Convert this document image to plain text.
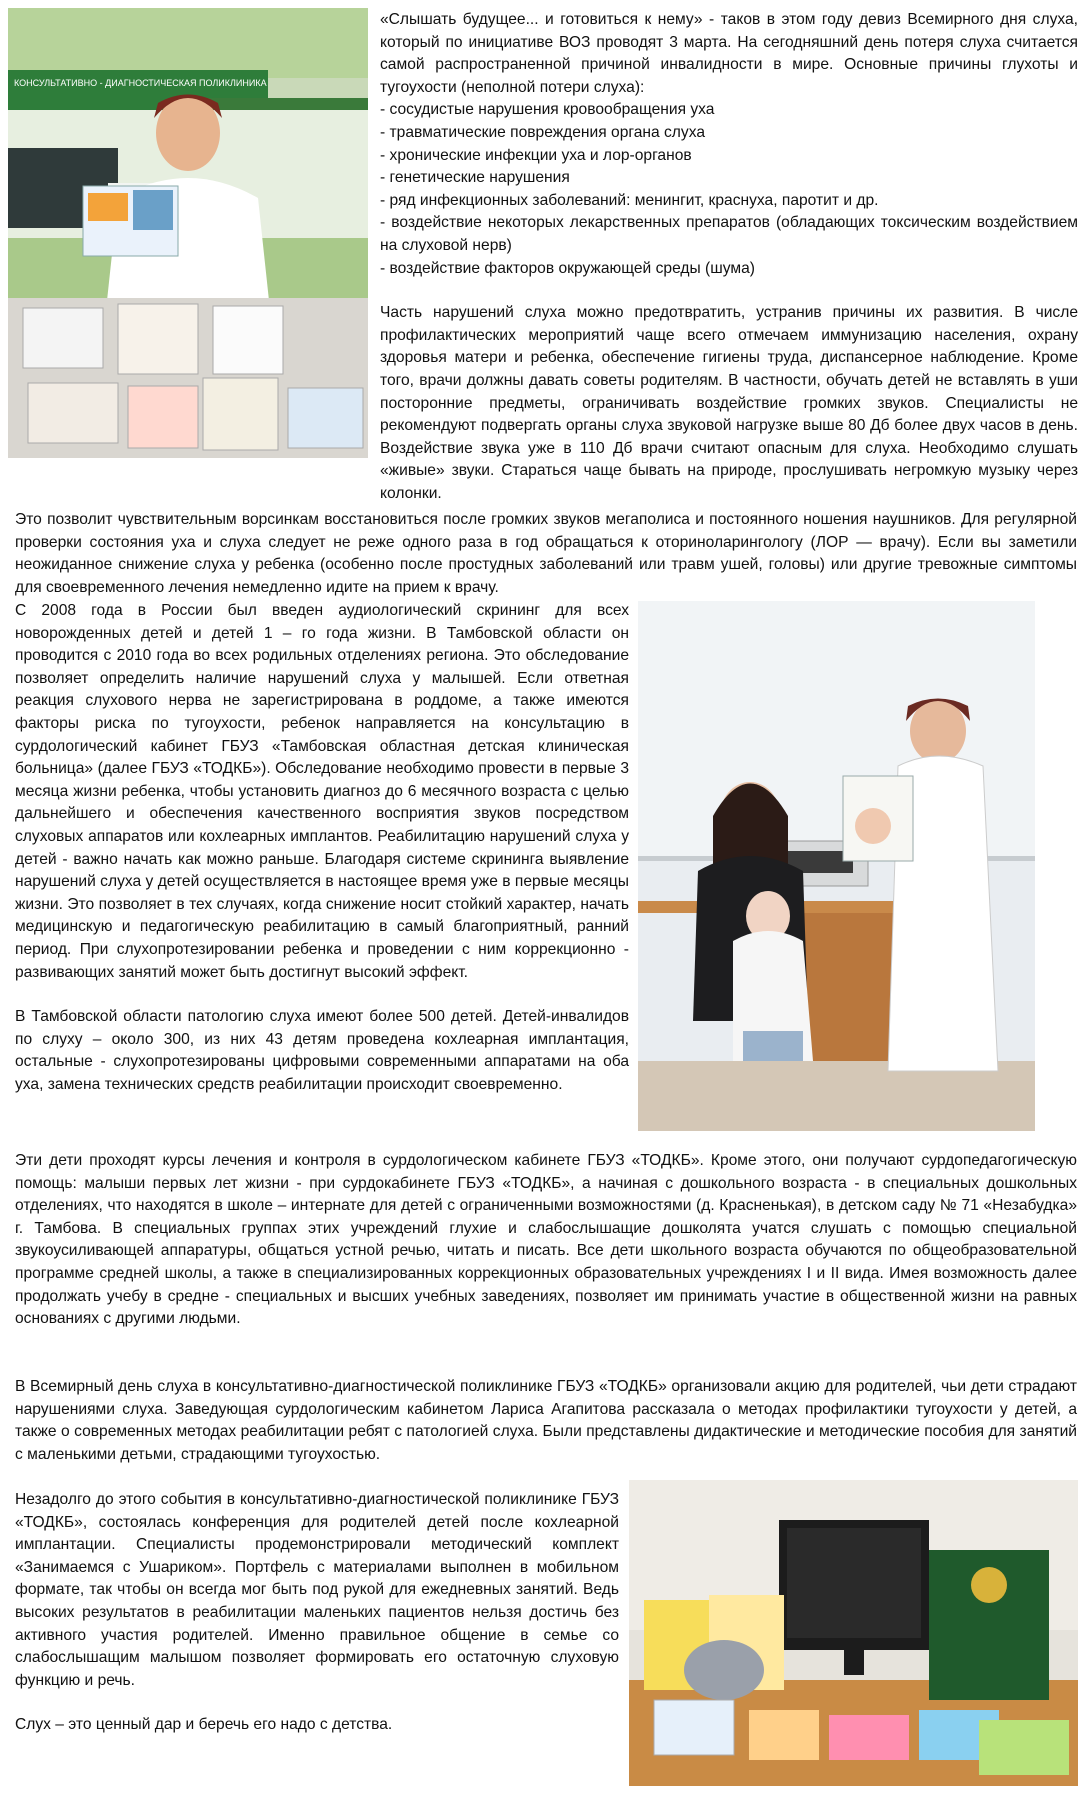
КОНСУЛЬТАТИВНО - ДИАГНОСТИЧЕСКАЯ ПОЛИКЛИНИКА

«Слышать будущее... и готовиться к нему» - таков в этом году девиз Всемирного дня слуха, который по инициативе ВОЗ проводят 3 марта. На сегодняшний день потеря слуха считается самой распространенной причиной инвалидности в мире. Основные причины глухоты и тугоухости (неполной потери слуха):

- сосудистые нарушения кровообращения уха

- травматические повреждения органа слуха

- хронические инфекции уха и лор-органов

- генетические нарушения

- ряд инфекционных заболеваний: менингит, краснуха, паротит и др.

- воздействие некоторых лекарственных препаратов (обладающих токсическим воздействием на слуховой нерв)

- воздействие факторов окружающей среды (шума)

Часть нарушений слуха можно предотвратить, устранив причины их развития. В числе профилактических мероприятий чаще всего отмечаем иммунизацию населения, охрану здоровья матери и ребенка, обеспечение гигиены труда, диспансерное наблюдение. Кроме того, врачи должны давать советы родителям. В частности, обучать детей не вставлять в уши посторонние предметы, ограничивать воздействие громких звуков. Специалисты не рекомендуют подвергать органы слуха звуковой нагрузке выше 80 Дб более двух часов в день. Воздействие звука уже в 110 Дб врачи считают опасным для слуха. Необходимо слушать «живые» звуки. Стараться чаще бывать на природе, прослушивать негромкую музыку через колонки.

Это позволит чувствительным ворсинкам восстановиться после громких звуков мегаполиса и постоянного ношения наушников. Для регулярной проверки состояния уха и слуха следует не реже одного раза в год обращаться к оториноларингологу (ЛОР — врачу). Если вы заметили неожиданное снижение слуха у ребенка (особенно после простудных заболеваний или травм ушей, головы) или другие тревожные симптомы для своевременного лечения немедленно идите на прием к врачу.

С 2008 года в России был введен аудиологический скрининг для всех новорожденных детей и детей 1 – го года жизни. В Тамбовской области он проводится с 2010 года во всех родильных отделениях региона. Это обследование позволяет определить наличие нарушений слуха у малышей. Если ответная реакция слухового нерва не зарегистрирована в роддоме, а также имеются факторы риска по тугоухости, ребенок направляется на консультацию в сурдологический кабинет ГБУЗ «Тамбовская областная детская клиническая больница» (далее ГБУЗ «ТОДКБ»). Обследование необходимо провести в первые 3 месяца жизни ребенка, чтобы установить диагноз до 6 месячного возраста с целью дальнейшего и обеспечения качественного восприятия звуков посредством слуховых аппаратов или кохлеарных имплантов. Реабилитацию нарушений слуха у детей - важно начать как можно раньше. Благодаря системе скрининга выявление нарушений слуха у детей осуществляется в настоящее время уже в первые месяцы жизни. Это позволяет в тех случаях, когда снижение носит стойкий характер, начать медицинскую и педагогическую реабилитацию в самый благоприятный, ранний период. При слухопротезировании ребенка и проведении с ним коррекционно - развивающих занятий может быть достигнут высокий эффект.

В Тамбовской области патологию слуха имеют более 500 детей. Детей-инвалидов по слуху – около 300, из них 43 детям проведена кохлеарная имплантация, остальные - слухопротезированы цифровыми современными аппаратами на оба уха, замена технических средств реабилитации происходит своевременно.

Эти дети проходят курсы лечения и контроля в сурдологическом кабинете ГБУЗ «ТОДКБ». Кроме этого, они получают сурдопедагогическую помощь: малыши первых лет жизни - при сурдокабинете ГБУЗ «ТОДКБ», а начиная с дошкольного возраста - в специальных дошкольных отделениях, что находятся в школе – интернате для детей с ограниченными возможностями (д. Красненькая), в детском саду № 71 «Незабудка» г. Тамбова. В специальных группах этих учреждений глухие и слабослышащие дошколята учатся слушать с помощью специальной звукоусиливающей аппаратуры, общаться устной речью, читать и писать. Все дети школьного возраста обучаются по общеобразовательной программе средней школы, а также в специализированных коррекционных образовательных учреждениях I и II вида. Имея возможность далее продолжать учебу в средне - специальных и высших учебных заведениях, позволяет им принимать участие в общественной жизни на равных основаниях с другими людьми.

В Всемирный день слуха в консультативно-диагностической поликлинике ГБУЗ «ТОДКБ» организовали акцию для родителей, чьи дети страдают нарушениями слуха. Заведующая сурдологическим кабинетом Лариса Агапитова рассказала о методах профилактики тугоухости у детей, а также о современных методах реабилитации ребят с патологией слуха. Были представлены дидактические и методические пособия для занятий с маленькими детьми, страдающими тугоухостью.

Незадолго до этого события в консультативно-диагностической поликлинике ГБУЗ «ТОДКБ», состоялась конференция для родителей детей после кохлеарной имплантации. Специалисты продемонстрировали методический комплект «Занимаемся с Ушариком». Портфель с материалами выполнен в мобильном формате, так чтобы он всегда мог быть под рукой для ежедневных занятий. Ведь высоких результатов в реабилитации маленьких пациентов нельзя достичь без активного участия родителей. Именно правильное общение в семье со слабослышащим малышом позволяет формировать его остаточную слуховую функцию и речь.

Слух – это ценный дар и беречь его надо с детства.
